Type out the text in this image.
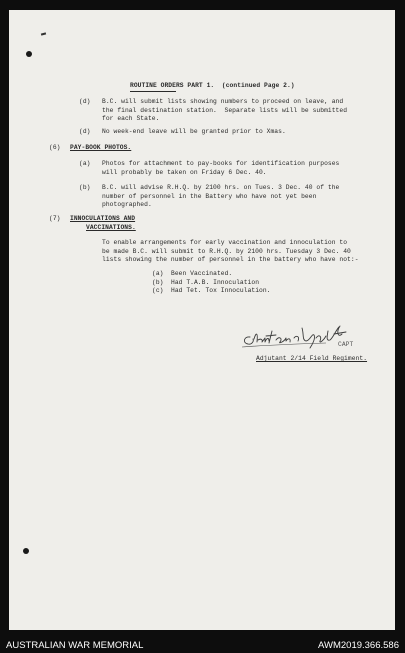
ROUTINE ORDERS PART 1.  (continued Page 2.)
(d) B.C. will submit lists showing numbers to proceed on leave, and
the final destination station.  Separate lists will be submitted
for each State.
(d) No week-end leave will be granted prior to Xmas.
(6) PAY-BOOK PHOTOS.
(a) Photos for attachment to pay-books for identification purposes
will probably be taken on Friday 6 Dec. 40.
(b) B.C. will advise R.H.Q. by 2100 hrs. on Tues. 3 Dec. 40 of the
number of personnel in the Battery who have not yet been
photographed.
(7) INNOCULATIONS AND
VACCINATIONS.
To enable arrangements for early vaccination and innoculation to
be made B.C. will submit to R.H.Q. by 2100 hrs. Tuesday 3 Dec. 40
lists showing the number of personnel in the battery who have not:-
(a) Been Vaccinated.
(b) Had T.A.B. Innoculation
(c) Had Tet. Tox Innoculation.
CAPT
Adjutant 2/14 Field Regiment.
AUSTRALIAN WAR MEMORIAL	AWM2019.366.586
